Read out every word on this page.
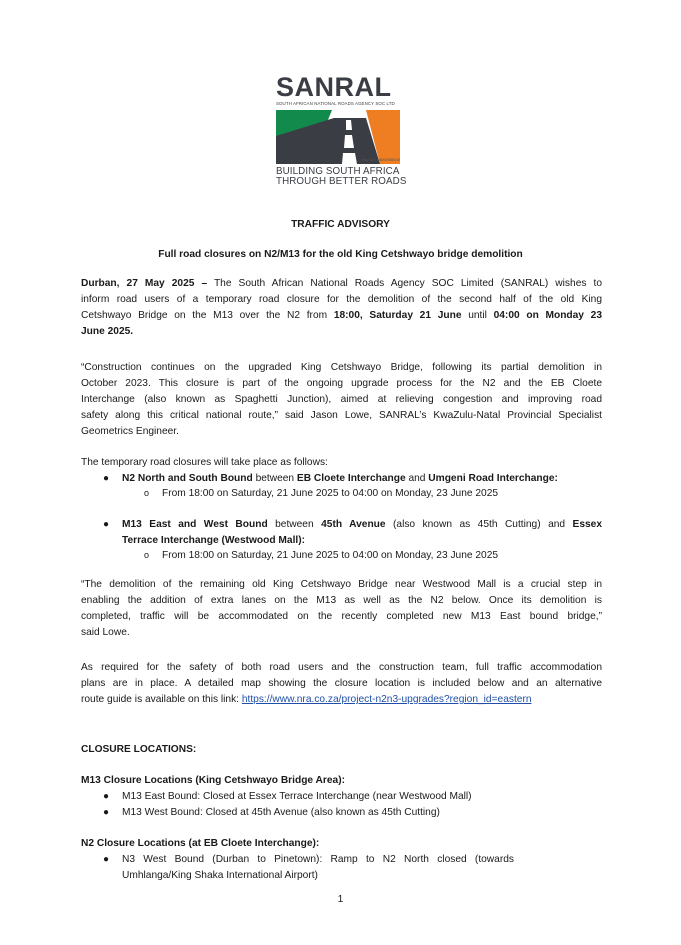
SANRAL
SOUTH AFRICAN NATIONAL ROADS AGENCY SOC LTD
Reg No 1998/009584/30
BUILDING SOUTH AFRICA
THROUGH BETTER ROADS
TRAFFIC ADVISORY
Full road closures on N2/M13 for the old King Cetshwayo bridge demolition
Durban, 27 May 2025 – The South African National Roads Agency SOC Limited (SANRAL) wishes to
inform road users of a temporary road closure for the demolition of the second half of the old King
Cetshwayo Bridge on the M13 over the N2 from 18:00, Saturday 21 June until 04:00 on Monday 23
June 2025.
“Construction continues on the upgraded King Cetshwayo Bridge, following its partial demolition in
October 2023. This closure is part of the ongoing upgrade process for the N2 and the EB Cloete
Interchange (also known as Spaghetti Junction), aimed at relieving congestion and improving road
safety along this critical national route,” said Jason Lowe, SANRAL’s KwaZulu-Natal Provincial Specialist
Geometrics Engineer.
The temporary road closures will take place as follows:
● N2 North and South Bound between EB Cloete Interchange and Umgeni Road Interchange:
o From 18:00 on Saturday, 21 June 2025 to 04:00 on Monday, 23 June 2025
● M13 East and West Bound between 45th Avenue (also known as 45th Cutting) and Essex
Terrace Interchange (Westwood Mall):
o From 18:00 on Saturday, 21 June 2025 to 04:00 on Monday, 23 June 2025
“The demolition of the remaining old King Cetshwayo Bridge near Westwood Mall is a crucial step in
enabling the addition of extra lanes on the M13 as well as the N2 below. Once its demolition is
completed, traffic will be accommodated on the recently completed new M13 East bound bridge,”
said Lowe.
As required for the safety of both road users and the construction team, full traffic accommodation
plans are in place. A detailed map showing the closure location is included below and an alternative
route guide is available on this link: https://www.nra.co.za/project-n2n3-upgrades?region_id=eastern
CLOSURE LOCATIONS:
M13 Closure Locations (King Cetshwayo Bridge Area):
● M13 East Bound: Closed at Essex Terrace Interchange (near Westwood Mall)
● M13 West Bound: Closed at 45th Avenue (also known as 45th Cutting)
N2 Closure Locations (at EB Cloete Interchange):
● N3 West Bound (Durban to Pinetown): Ramp to N2 North closed (towards
Umhlanga/King Shaka International Airport)
1
